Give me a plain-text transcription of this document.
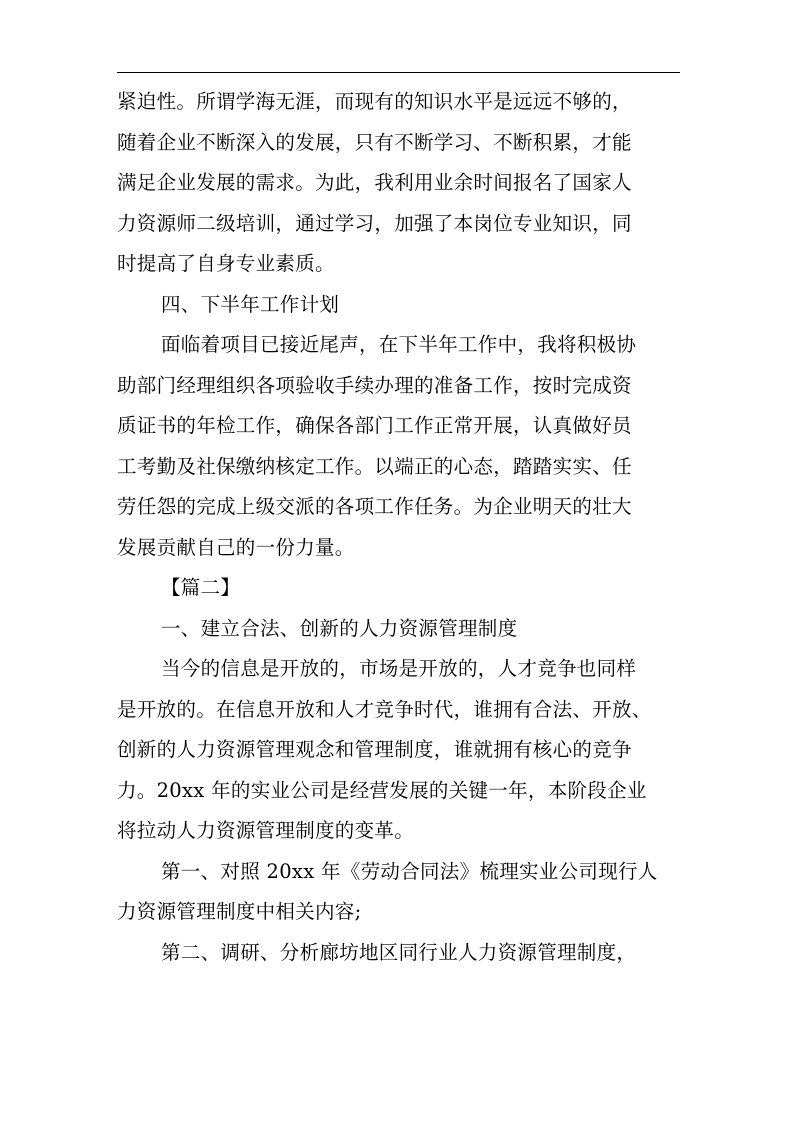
紧迫性。所谓学海无涯，而现有的知识水平是远远不够的，
随着企业不断深入的发展，只有不断学习、不断积累，才能
满足企业发展的需求。为此，我利用业余时间报名了国家人
力资源师二级培训，通过学习，加强了本岗位专业知识，同
时提高了自身专业素质。
四、下半年工作计划
面临着项目已接近尾声，在下半年工作中，我将积极协
助部门经理组织各项验收手续办理的准备工作，按时完成资
质证书的年检工作，确保各部门工作正常开展，认真做好员
工考勤及社保缴纳核定工作。以端正的心态，踏踏实实、任
劳任怨的完成上级交派的各项工作任务。为企业明天的壮大
发展贡献自己的一份力量。
【篇二】
一、建立合法、创新的人力资源管理制度
当今的信息是开放的，市场是开放的，人才竞争也同样
是开放的。在信息开放和人才竞争时代，谁拥有合法、开放、
创新的人力资源管理观念和管理制度，谁就拥有核心的竞争
力。20xx 年的实业公司是经营发展的关键一年，本阶段企业
将拉动人力资源管理制度的变革。
第一、对照 20xx 年《劳动合同法》梳理实业公司现行人
力资源管理制度中相关内容;
第二、调研、分析廊坊地区同行业人力资源管理制度，
